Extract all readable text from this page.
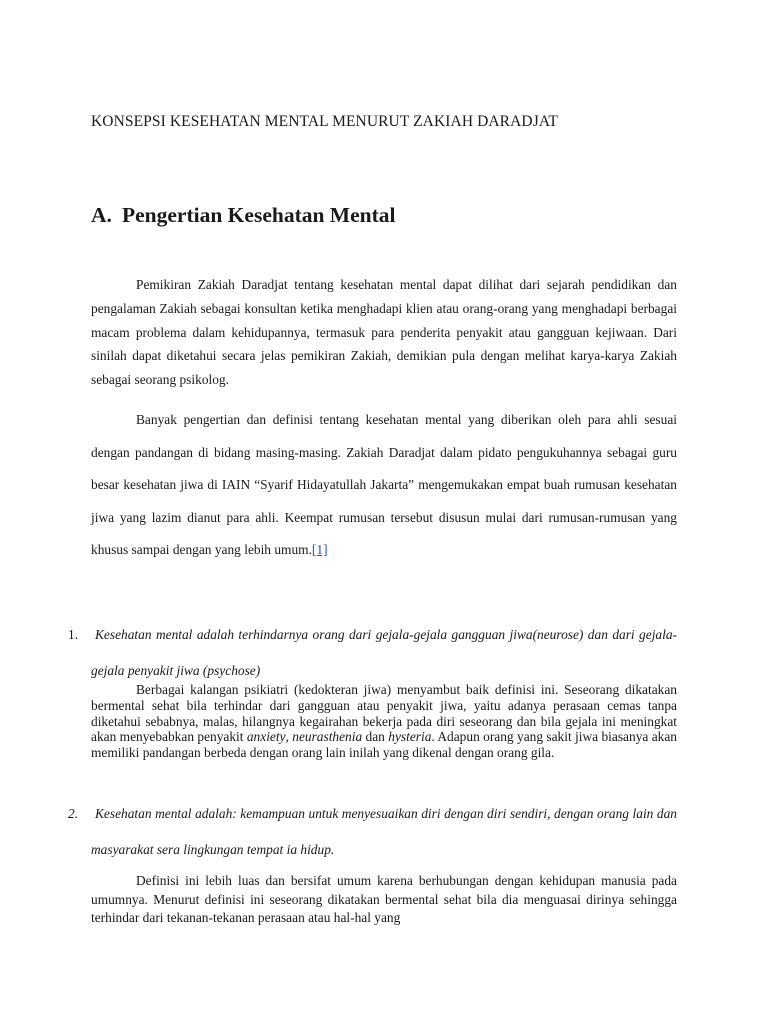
KONSEPSI KESEHATAN MENTAL MENURUT ZAKIAH DARADJAT
A. Pengertian Kesehatan Mental

Pemikiran Zakiah Daradjat tentang kesehatan mental dapat dilihat dari sejarah pendidikan dan pengalaman Zakiah sebagai konsultan ketika menghadapi klien atau orang-orang yang menghadapi berbagai macam problema dalam kehidupannya, termasuk para penderita penyakit atau gangguan kejiwaan. Dari sinilah dapat diketahui secara jelas pemikiran Zakiah, demikian pula dengan melihat karya-karya Zakiah sebagai seorang psikolog.

Banyak pengertian dan definisi tentang kesehatan mental yang diberikan oleh para ahli sesuai dengan pandangan di bidang masing-masing. Zakiah Daradjat dalam pidato pengukuhannya sebagai guru besar kesehatan jiwa di IAIN “Syarif Hidayatullah Jakarta” mengemukakan empat buah rumusan kesehatan jiwa yang lazim dianut para ahli. Keempat rumusan tersebut disusun mulai dari rumusan-rumusan yang khusus sampai dengan yang lebih umum.[1]

1. Kesehatan mental adalah terhindarnya orang dari gejala-gejala gangguan jiwa(neurose) dan dari gejala-gejala penyakit jiwa (psychose)

Berbagai kalangan psikiatri (kedokteran jiwa) menyambut baik definisi ini. Seseorang dikatakan bermental sehat bila terhindar dari gangguan atau penyakit jiwa, yaitu adanya perasaan cemas tanpa diketahui sebabnya, malas, hilangnya kegairahan bekerja pada diri seseorang dan bila gejala ini meningkat akan menyebabkan penyakit anxiety, neurasthenia dan hysteria. Adapun orang yang sakit jiwa biasanya akan memiliki pandangan berbeda dengan orang lain inilah yang dikenal dengan orang gila.

2. Kesehatan mental adalah: kemampuan untuk menyesuaikan diri dengan diri sendiri, dengan orang lain dan masyarakat sera lingkungan tempat ia hidup.

Definisi ini lebih luas dan bersifat umum karena berhubungan dengan kehidupan manusia pada umumnya. Menurut definisi ini seseorang dikatakan bermental sehat bila dia menguasai dirinya sehingga terhindar dari tekanan-tekanan perasaan atau hal-hal yang
